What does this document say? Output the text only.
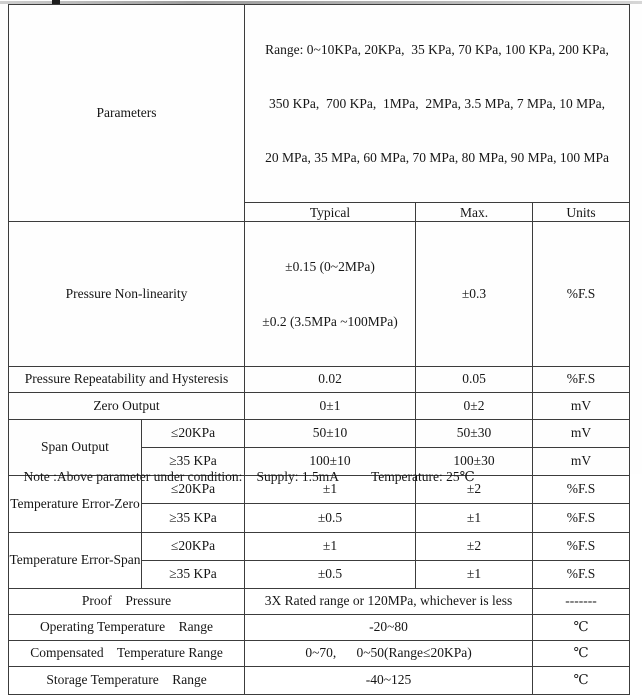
Parameters		Range: 0~10KPa, 20KPa,  35 KPa, 70 KPa, 100 KPa, 200 KPa,

350 KPa,  700 KPa,  1MPa,  2MPa, 3.5 MPa, 7 MPa, 10 MPa,

20 MPa, 35 MPa, 60 MPa, 70 MPa, 80 MPa, 90 MPa, 100 MPa		

		Typical	Max.	Units
Pressure Non-linearity		±0.15 (0~2MPa)

±0.2 (3.5MPa ~100MPa)	±0.3	%F.S
Pressure Repeatability and Hysteresis		0.02	0.05	%F.S
Zero Output		0±1	0±2	mV
Span Output	≤20KPa	50±10	50±30	mV
	≥35 KPa	100±10	100±30	mV
Temperature Error-Zero	≤20KPa	±1	±2	%F.S
	≥35 KPa	±0.5	±1	%F.S
Temperature Error-Span	≤20KPa	±1	±2	%F.S
	≥35 KPa	±0.5	±1	%F.S
Proof    Pressure		3X Rated range or 120MPa, whichever is less		-------
Operating Temperature    Range		-20~80		℃
Compensated    Temperature Range		0~70,      0~50(Range≤20KPa)		℃
Storage Temperature    Range		-40~125		℃

Note :Above parameter under condition: Supply: 1.5mA Temperature: 25℃
